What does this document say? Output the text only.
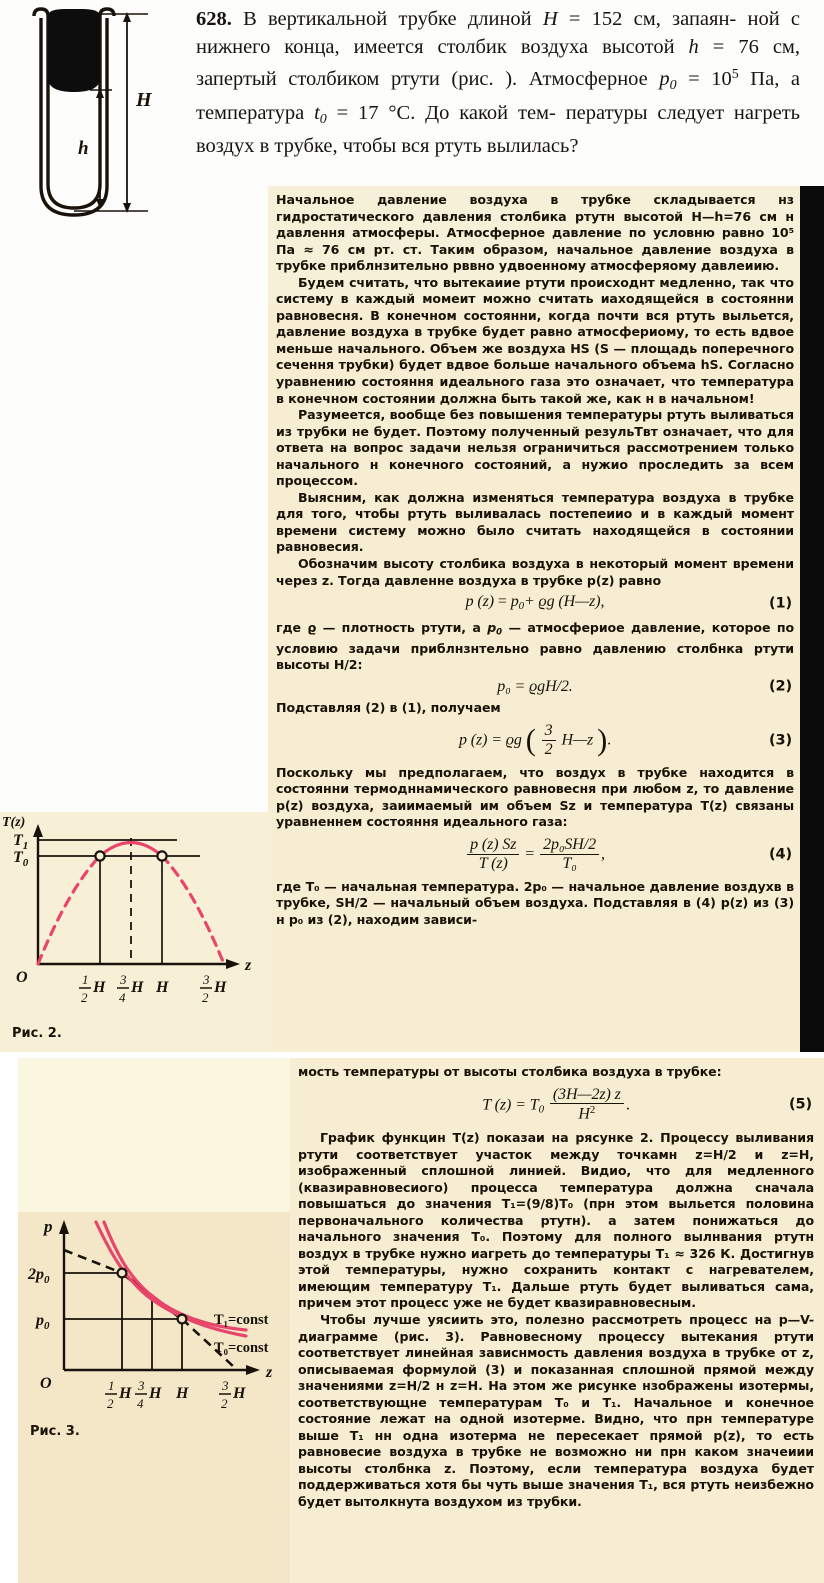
628. В вертикальной трубке длиной H = 152 см, запаян- ной с нижнего конца, имеется столбик воздуха высотой h = 76 см, запертый столбиком ртути (рис. ). Атмосферное $p_0 = 10^5$ Па, а температура $t_0 = 17$ °C. До какой тем- пературы следует нагреть воздух в трубке, чтобы вся ртуть вылилась?
H
h

Начальное давление воздуха в трубке складывается нз гидростатического давления столбика ртутн высотой H—h=76 см н давлення атмосферы. Атмосферное давление по условню равно 10⁵ Па ≈ 76 см рт. ст. Таким образом, начальное давление воздуха в трубке приблнзительно рввно удвоенному атмосферяому давлеиию.

Будем считать, что вытекаиие ртути происходнт медленно, так что систему в каждый момеит можно считать иаходящейся в состоянни равновесня. В конечном состоянни, когда почти вся ртуть выльется, давление воздуха в трубке будет равно атмосфериому, то есть вдвое меньше начального. Объем же воздуха HS (S — площадь поперечного сечення трубки) будет вдвое больше начального объема hS. Согласно уравнению состояння идеального газа это означает, что температура в конечном состоянии должна быть такой же, как н в начальном!

Разумеется, вообще без повышения температуры ртуть выливаться из трубки не будет. Поэтому полученный резульТвт означает, что для ответа на вопрос задачи нельзя ограничиться рассмотрением только начального н конечного состояний, а нужио проследить за всем процессом.

Выясним, как должна изменяться температура воздуха в трубке для того, чтобы ртуть выливалась постепеиио и в каждый момент времени систему можно было считать находящейся в состоянии равновесия.

Обозначим высоту столбика воздуха в некоторый момент времени через z. Тогда давленне воздуха в трубке p(z) равно

p $(z) = p_0+ ϱg$ (H—z),	(1)

где ϱ — плотность ртути, а $p_0$ — атмосфериое давление, которое по условию задачи приблнзнтельно равно давлению столбнка ртути высоты H/2:

p₀ = ϱgH/2.	(2)

Подставляя (2) в (1), получаем

p (z) = ϱg ( $\frac{3}{2}$ H—z ).	(3)

Поскольку мы предполагаем, что воздух в трубке находится в состоянни термодннамического равновесня при любом z, то давление p(z) воздуха, заиимаемый им объем Sz и температура T(z) связаны уравненнем состояння идеального газа:

$\frac{p (z) Sz}{T (z)} = \frac{\text{2p₀SH/2}}{\text{T₀}}$ ,	(4)

где T₀ — начальная температура. 2p₀ — начальное давление воздухв в трубке, SH/2 — начальный объем воздуха. Подставляя в (4) p(z) из (3) н p₀ из (2), находим зависи-

T(z)
z
O
$T_1$
$T_0$
1
2
H 3
4
H H	3
2
H
Рис. 2.

мость температуры от высоты столбика воздуха в трубке:

T $(z) = T_0 \frac{(3H—2z) z}{H^2}$ .	(5)

График функцин T(z) показаи на рясунке 2. Процессу выливания ртути соответствует участок между точкамн z=H/2 и z=H, изображенный сплошной линией. Видио, что для медленного (квазиравновесиого) процесса температура должна сначала повышаться до значения T₁=(9/8)T₀ (прн этом выльется половина первоначального количества ртутн). а затем понижаться до начального значения T₀. Поэтому для полного вылнвания ртутн воздух в трубке нужно иагреть до температуры T₁ ≈ 326 К. Достигнув этой температуры, нужно сохранить контакт с нагревателем, имеющим температуру T₁. Дальше ртуть будет выливаться сама, причем этот процесс уже не будет квазиравновесным.

Чтобы лучше уясиить это, полезно рассмотреть процесс на p—V-диаграмме (рис. 3). Равновесному процессу вытекания ртути соответствует линейная зависнмость давления воздуха в трубке от z, описываемая формулой (3) и показанная сплошной прямой между значениями z=H/2 н z=H. На этом же рисунке нзображены изотермы, соответствующне температурам T₀ и T₁. Начальное и конечное состояние лежат на одной изотерме. Видно, что прн температуре выше T₁ нн одна изотерма не пересекает прямой p(z), то есть равновесие воздуха в трубке не возможно ни прн каком значеиии высоты столбнка z. Поэтому, если температура воздуха будет поддерживаться хотя бы чуть выше значения T₁, вся ртуть неизбежно будет вытолкнута воздухом из трубки.

p
z
O
$2p_0$
$p_0$	T₁=const
T₀=const
1
2
H 3
4
H H	3
2
H
Рис. 3.
